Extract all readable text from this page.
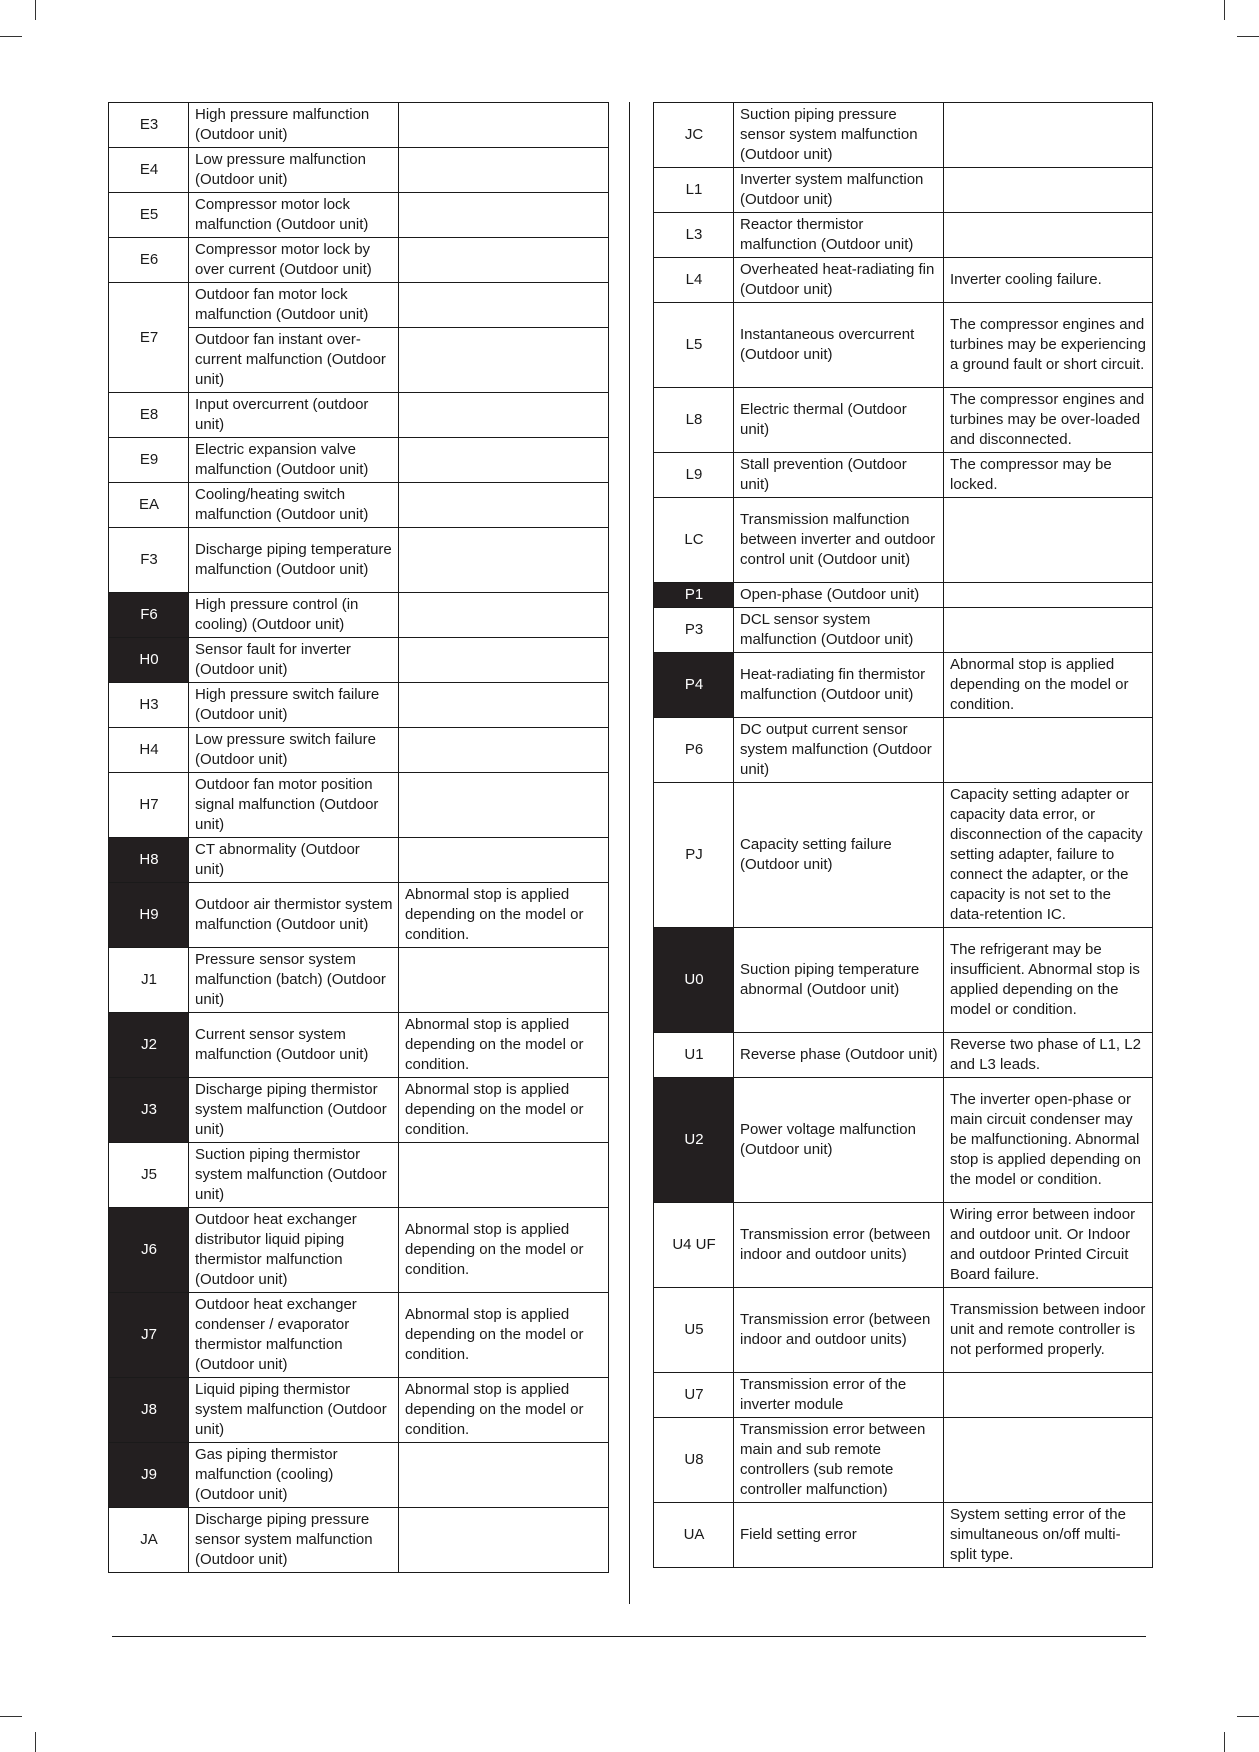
E3	High pressure malfunction (Outdoor unit)	
E4	Low pressure malfunction (Outdoor unit)	
E5	Compressor motor lock malfunction (Outdoor unit)	
E6	Compressor motor lock by over current (Outdoor unit)	
E7	Outdoor fan motor lock malfunction (Outdoor unit)	
	Outdoor fan instant over-current malfunction (Outdoor unit)	
E8	Input overcurrent (outdoor unit)	
E9	Electric expansion valve malfunction (Outdoor unit)	
EA	Cooling/heating switch malfunction (Outdoor unit)	
F3	Discharge piping temperature malfunction (Outdoor unit)	
F6	High pressure control (in cooling) (Outdoor unit)	
H0	Sensor fault for inverter (Outdoor unit)	
H3	High pressure switch failure (Outdoor unit)	
H4	Low pressure switch failure (Outdoor unit)	
H7	Outdoor fan motor position signal malfunction (Outdoor unit)	
H8	CT abnormality (Outdoor unit)	
H9	Outdoor air thermistor system malfunction (Outdoor unit)	Abnormal stop is applied depending on the model or condition.
J1	Pressure sensor system malfunction (batch) (Outdoor unit)	
J2	Current sensor system malfunction (Outdoor unit)	Abnormal stop is applied depending on the model or condition.
J3	Discharge piping thermistor system malfunction (Outdoor unit)	Abnormal stop is applied depending on the model or condition.
J5	Suction piping thermistor system malfunction (Outdoor unit)	
J6	Outdoor heat exchanger distributor liquid piping thermistor malfunction (Outdoor unit)	Abnormal stop is applied depending on the model or condition.
J7	Outdoor heat exchanger condenser / evaporator thermistor malfunction (Outdoor unit)	Abnormal stop is applied depending on the model or condition.
J8	Liquid piping thermistor system malfunction (Outdoor unit)	Abnormal stop is applied depending on the model or condition.
J9	Gas piping thermistor malfunction (cooling) (Outdoor unit)	
JA	Discharge piping pressure sensor system malfunction (Outdoor unit)	
JC	Suction piping pressure sensor system malfunction (Outdoor unit)	
L1	Inverter system malfunction (Outdoor unit)	
L3	Reactor thermistor malfunction (Outdoor unit)	
L4	Overheated heat-radiating fin (Outdoor unit)	Inverter cooling failure.
L5	Instantaneous overcurrent (Outdoor unit)	The compressor engines and turbines may be experiencing a ground fault or short circuit.
L8	Electric thermal (Outdoor unit)	The compressor engines and turbines may be over-loaded and disconnected.
L9	Stall prevention (Outdoor unit)	The compressor may be locked.
LC	Transmission malfunction between inverter and outdoor control unit (Outdoor unit)	
P1	Open-phase (Outdoor unit)	
P3	DCL sensor system malfunction (Outdoor unit)	
P4	Heat-radiating fin thermistor malfunction (Outdoor unit)	Abnormal stop is applied depending on the model or condition.
P6	DC output current sensor system malfunction (Outdoor unit)	
PJ	Capacity setting failure (Outdoor unit)	Capacity setting adapter or capacity data error, or disconnection of the capacity setting adapter, failure to connect the adapter, or the capacity is not set to the data-retention IC.
U0	Suction piping temperature abnormal (Outdoor unit)	The refrigerant may be insufficient. Abnormal stop is applied depending on the model or condition.
U1	Reverse phase (Outdoor unit)	Reverse two phase of L1, L2 and L3 leads.
U2	Power voltage malfunction (Outdoor unit)	The inverter open-phase or main circuit condenser may be malfunctioning. Abnormal stop is applied depending on the model or condition.
U4 UF	Transmission error (between indoor and outdoor units)	Wiring error between indoor and outdoor unit. Or Indoor and outdoor Printed Circuit Board failure.
U5	Transmission error (between indoor and outdoor units)	Transmission between indoor unit and remote controller is not performed properly.
U7	Transmission error of the inverter module	
U8	Transmission error between main and sub remote controllers (sub remote controller malfunction)	
UA	Field setting error	System setting error of the simultaneous on/off multi-split type.
